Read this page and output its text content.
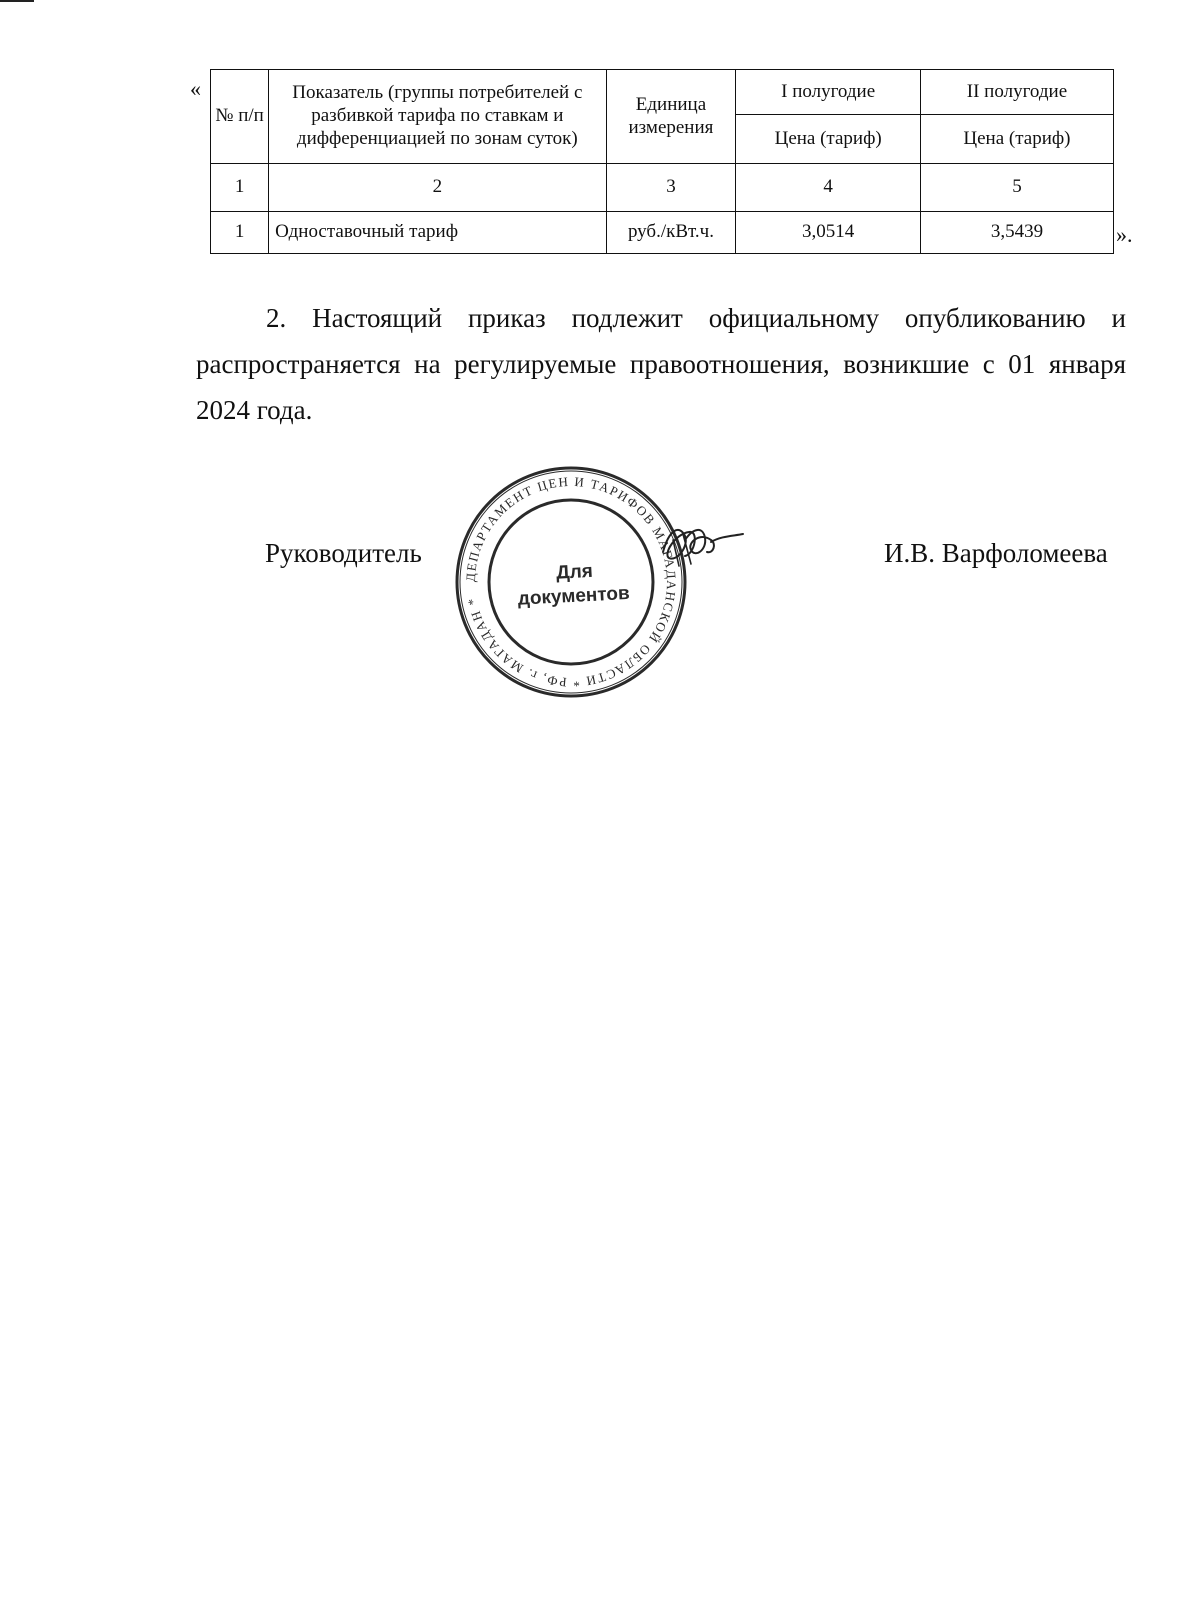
«
№ п/п	Показатель (группы потребителей с разбивкой тарифа по ставкам и дифференциацией по зонам суток)	Единица измерения	I полугодие	II полугодие
			Цена (тариф)	Цена (тариф)
1	2	3	4	5
1	Одноставочный тариф	руб./кВт.ч.	3,0514	3,5439	».

2. Настоящий приказ подлежит официальному опубликованию и распространяется на регулируемые правоотношения, возникшие с 01 января 2024 года.

Руководитель
ДЕПАРТАМЕНТ ЦЕН И ТАРИФОВ МАГАДАНСКОЙ ОБЛАСТИ * РФ, г. МАГАДАН *
Для
документов
И.В. Варфоломеева
